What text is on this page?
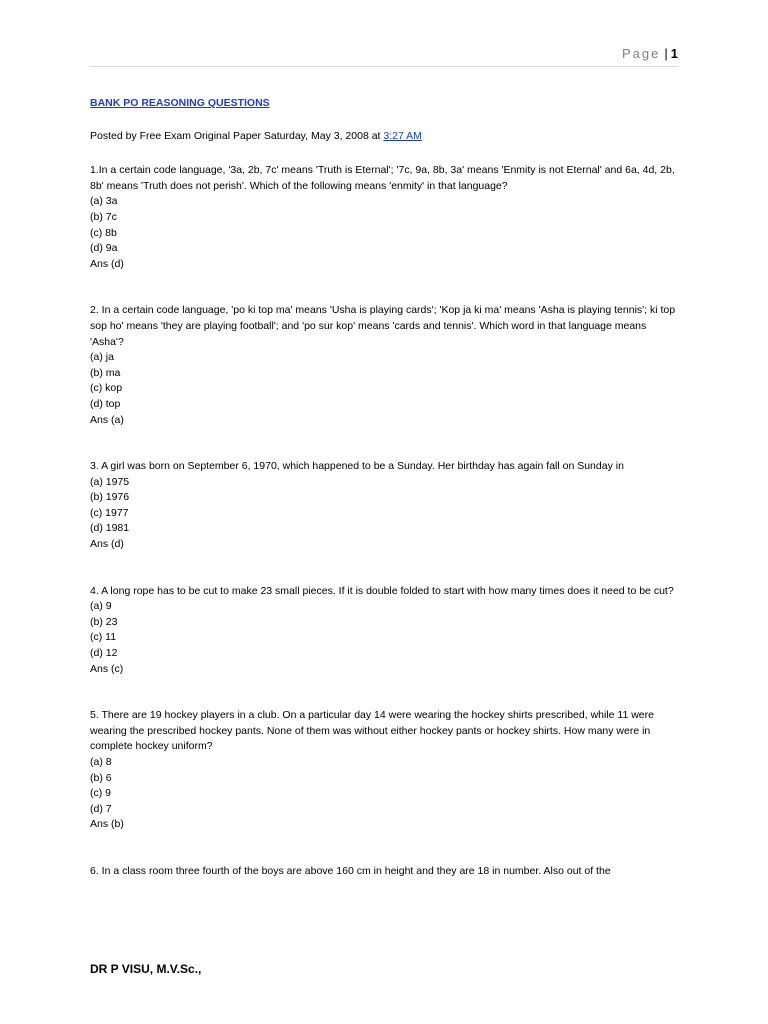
Page | 1
BANK PO REASONING QUESTIONS
Posted by Free Exam Original Paper Saturday, May 3, 2008 at 3:27 AM

1.In a certain code language, '3a, 2b, 7c' means 'Truth is Eternal'; '7c, 9a, 8b, 3a' means 'Enmity is not Eternal' and 6a, 4d, 2b, 8b' means 'Truth does not perish'. Which of the following means 'enmity' in that language?

(a) 3a
(b) 7c
(c) 8b
(d) 9a
Ans (d)

2. In a certain code language, 'po ki top ma' means 'Usha is playing cards'; 'Kop ja ki ma' means 'Asha is playing tennis'; ki top sop ho' means 'they are playing football'; and 'po sur kop' means 'cards and tennis'. Which word in that language means 'Asha'?

(a) ja
(b) ma
(c) kop
(d) top
Ans (a)

3. A girl was born on September 6, 1970, which happened to be a Sunday. Her birthday has again fall on Sunday in

(a) 1975
(b) 1976
(c) 1977
(d) 1981
Ans (d)

4. A long rope has to be cut to make 23 small pieces. If it is double folded to start with how many times does it need to be cut?

(a) 9
(b) 23
(c) 11
(d) 12
Ans (c)

5. There are 19 hockey players in a club. On a particular day 14 were wearing the hockey shirts prescribed, while 11 were wearing the prescribed hockey pants. None of them was without either hockey pants or hockey shirts. How many were in complete hockey uniform?

(a) 8
(b) 6
(c) 9
(d) 7
Ans (b)

6. In a class room three fourth of the boys are above 160 cm in height and they are 18 in number. Also out of the

DR P VISU, M.V.Sc.,
